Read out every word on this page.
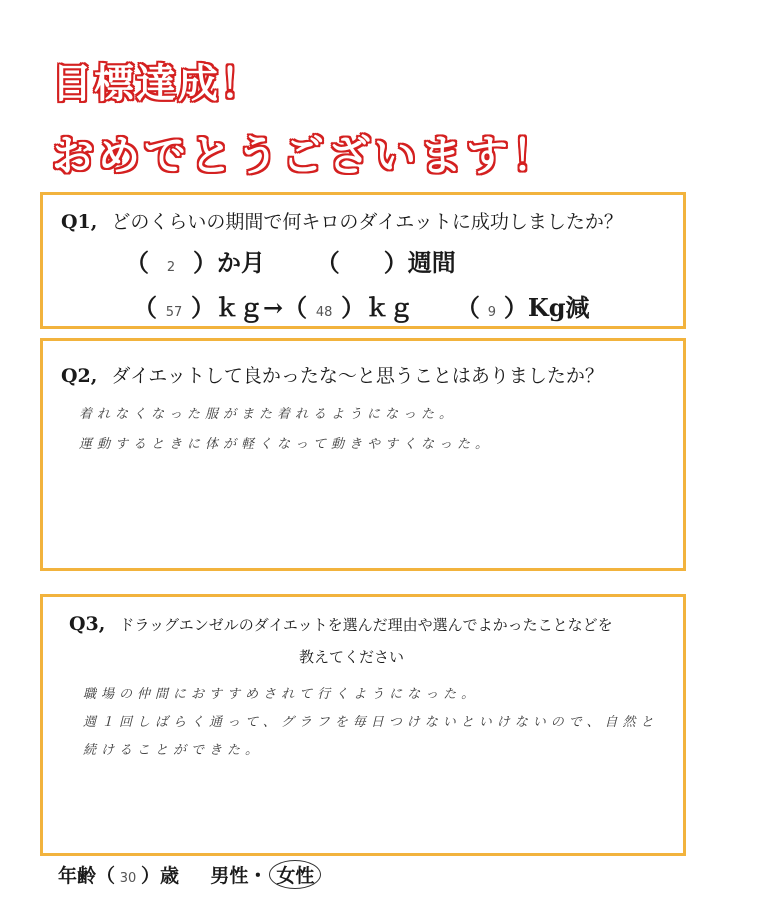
目標達成！
おめでとうございます！
Q1, どのくらいの期間で何キロのダイエットに成功しましたか？
（ 2 ）か月 （ ）週間
（ 57 ）ｋｇ→（ 48 ）ｋｇ （ 9 ）Kg減
Q2, ダイエットして良かったな～と思うことはありましたか？
着れなくなった服がまた着れるようになった。
運動するときに体が軽くなって動きやすくなった。
Q3, ドラッグエンゼルのダイエットを選んだ理由や選んでよかったことなどを
教えてください
職場の仲間におすすめされて行くようになった。
週１回しばらく通って、グラフを毎日つけないといけないので、自然と
続けることができた。
年齢（ 30 ）歳 男性・ 女性
